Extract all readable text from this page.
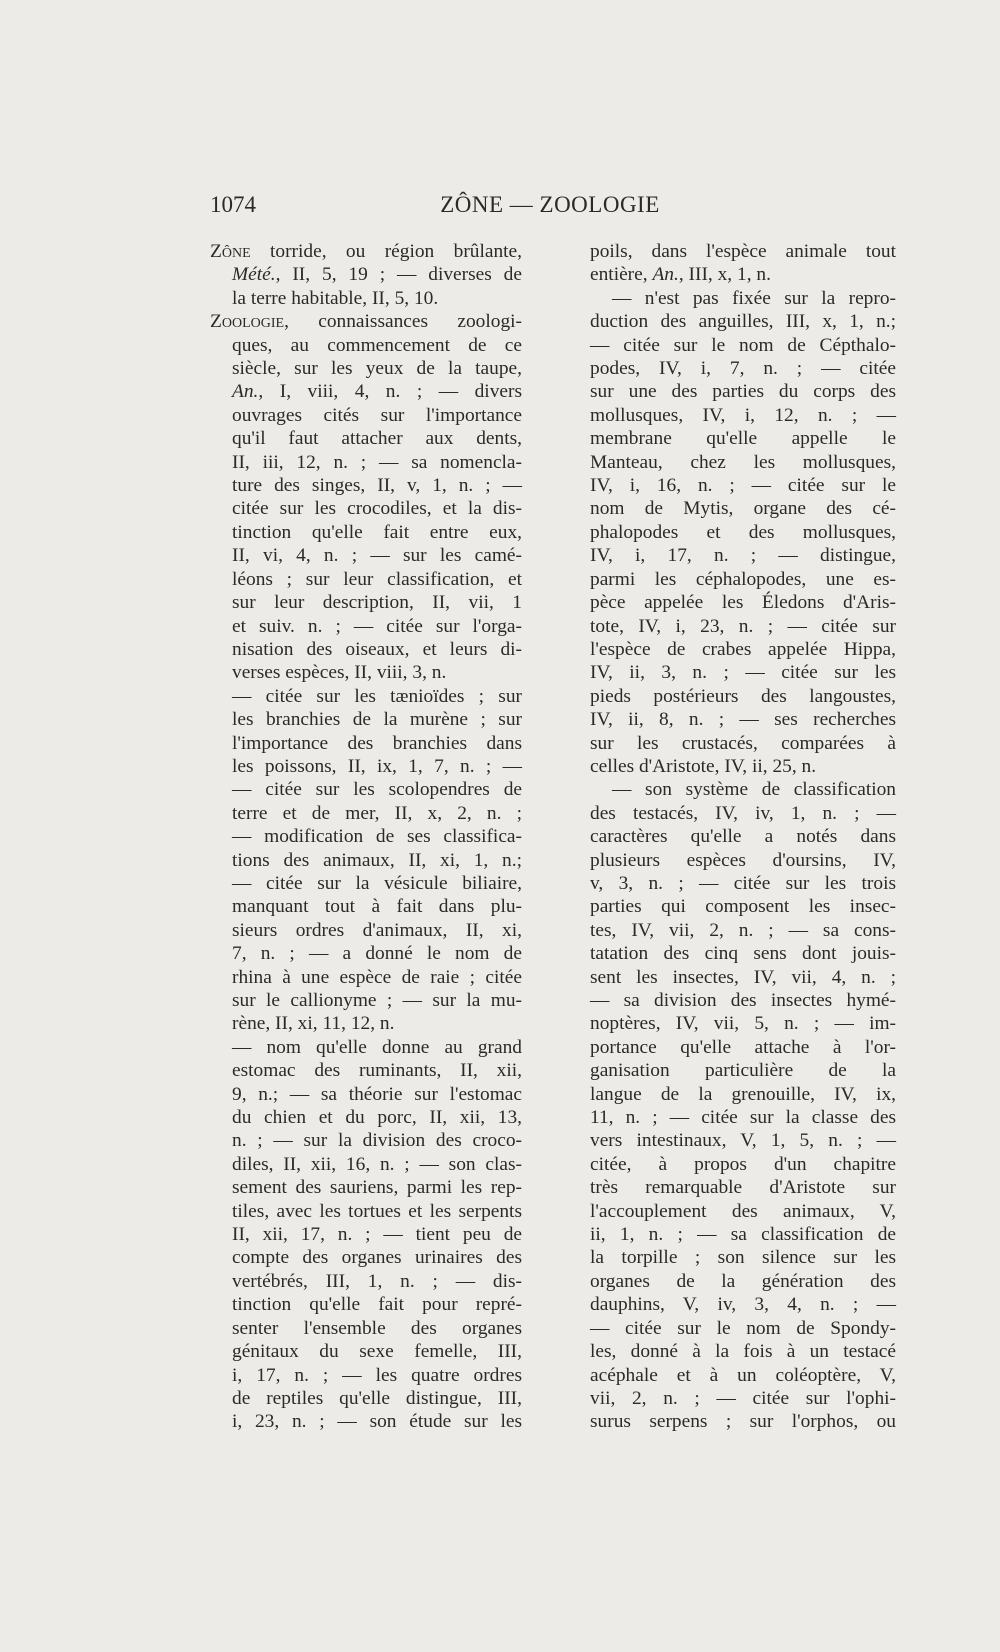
1074	ZÔNE — ZOOLOGIE
Zône torride, ou région brûlante,
Mété., II, 5, 19 ; — diverses de
la terre habitable, II, 5, 10.
Zoologie, connaissances zoologi-
ques, au commencement de ce
siècle, sur les yeux de la taupe,
An., I, viii, 4, n. ; — divers
ouvrages cités sur l'importance
qu'il faut attacher aux dents,
II, iii, 12, n. ; — sa nomencla-
ture des singes, II, v, 1, n. ; —
citée sur les crocodiles, et la dis-
tinction qu'elle fait entre eux,
II, vi, 4, n. ; — sur les camé-
léons ; sur leur classification, et
sur leur description, II, vii, 1
et suiv. n. ; — citée sur l'orga-
nisation des oiseaux, et leurs di-
verses espèces, II, viii, 3, n.
— citée sur les tænioïdes ; sur
les branchies de la murène ; sur
l'importance des branchies dans
les poissons, II, ix, 1, 7, n. ; —
— citée sur les scolopendres de
terre et de mer, II, x, 2, n. ;
— modification de ses classifica-
tions des animaux, II, xi, 1, n.;
— citée sur la vésicule biliaire,
manquant tout à fait dans plu-
sieurs ordres d'animaux, II, xi,
7, n. ; — a donné le nom de
rhina à une espèce de raie ; citée
sur le callionyme ; — sur la mu-
rène, II, xi, 11, 12, n.
— nom qu'elle donne au grand
estomac des ruminants, II, xii,
9, n.; — sa théorie sur l'estomac
du chien et du porc, II, xii, 13,
n. ; — sur la division des croco-
diles, II, xii, 16, n. ; — son clas-
sement des sauriens, parmi les rep-
tiles, avec les tortues et les serpents
II, xii, 17, n. ; — tient peu de
compte des organes urinaires des
vertébrés, III, 1, n. ; — dis-
tinction qu'elle fait pour repré-
senter l'ensemble des organes
génitaux du sexe femelle, III,
i, 17, n. ; — les quatre ordres
de reptiles qu'elle distingue, III,
i, 23, n. ; — son étude sur les
poils, dans l'espèce animale tout
entière, An., III, x, 1, n.
— n'est pas fixée sur la repro-
duction des anguilles, III, x, 1, n.;
— citée sur le nom de Cépthalo-
podes, IV, i, 7, n. ; — citée
sur une des parties du corps des
mollusques, IV, i, 12, n. ; —
membrane qu'elle appelle le
Manteau, chez les mollusques,
IV, i, 16, n. ; — citée sur le
nom de Mytis, organe des cé-
phalopodes et des mollusques,
IV, i, 17, n. ; — distingue,
parmi les céphalopodes, une es-
pèce appelée les Éledons d'Aris-
tote, IV, i, 23, n. ; — citée sur
l'espèce de crabes appelée Hippa,
IV, ii, 3, n. ; — citée sur les
pieds postérieurs des langoustes,
IV, ii, 8, n. ; — ses recherches
sur les crustacés, comparées à
celles d'Aristote, IV, ii, 25, n.
— son système de classification
des testacés, IV, iv, 1, n. ; —
caractères qu'elle a notés dans
plusieurs espèces d'oursins, IV,
v, 3, n. ; — citée sur les trois
parties qui composent les insec-
tes, IV, vii, 2, n. ; — sa cons-
tatation des cinq sens dont jouis-
sent les insectes, IV, vii, 4, n. ;
— sa division des insectes hymé-
noptères, IV, vii, 5, n. ; — im-
portance qu'elle attache à l'or-
ganisation particulière de la
langue de la grenouille, IV, ix,
11, n. ; — citée sur la classe des
vers intestinaux, V, 1, 5, n. ; —
citée, à propos d'un chapitre
très remarquable d'Aristote sur
l'accouplement des animaux, V,
ii, 1, n. ; — sa classification de
la torpille ; son silence sur les
organes de la génération des
dauphins, V, iv, 3, 4, n. ; —
— citée sur le nom de Spondy-
les, donné à la fois à un testacé
acéphale et à un coléoptère, V,
vii, 2, n. ; — citée sur l'ophi-
surus serpens ; sur l'orphos, ou
